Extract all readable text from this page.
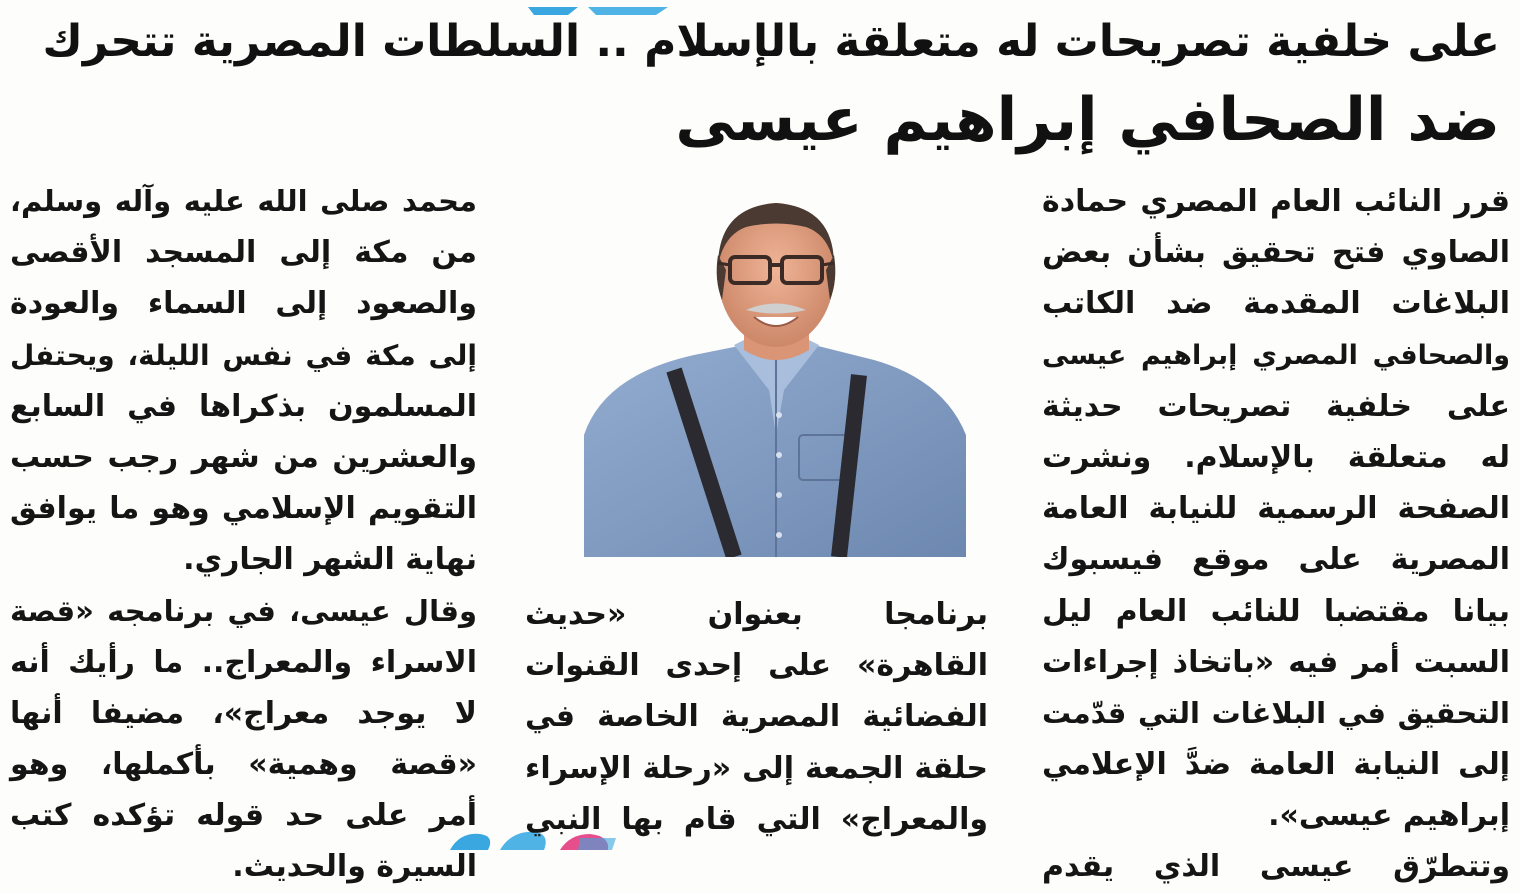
على خلفية تصريحات له متعلقة بالإسلام .. السلطات المصرية تتحرك
ضد الصحافي إبراهيم عيسى
قرر النائب العام المصري حمادة
الصاوي فتح تحقيق بشأن بعض
البلاغات المقدمة ضد الكاتب
والصحافي المصري إبراهيم عيسى
على خلفية تصريحات حديثة
له متعلقة بالإسلام. ونشرت
الصفحة الرسمية للنيابة العامة
المصرية على موقع فيسبوك
بيانا مقتضبا للنائب العام ليل
السبت أمر فيه «باتخاذ إجراءات
التحقيق في البلاغات التي قدّمت
إلى النيابة العامة ضدَّ الإعلامي
إبراهيم عيسى».
وتتطرّق عيسى الذي يقدم
برنامجا بعنوان «حديث
القاهرة» على إحدى القنوات
الفضائية المصرية الخاصة في
حلقة الجمعة إلى «رحلة الإسراء
والمعراج» التي قام بها النبي
محمد صلى الله عليه وآله وسلم،
من مكة إلى المسجد الأقصى
والصعود إلى السماء والعودة
إلى مكة في نفس الليلة، ويحتفل
المسلمون بذكراها في السابع
والعشرين من شهر رجب حسب
التقويم الإسلامي وهو ما يوافق
نهاية الشهر الجاري.
وقال عيسى، في برنامجه «قصة
الاسراء والمعراج.. ما رأيك أنه
لا يوجد معراج»، مضيفا أنها
«قصة وهمية» بأكملها، وهو
أمر على حد قوله تؤكده كتب
السيرة والحديث.
